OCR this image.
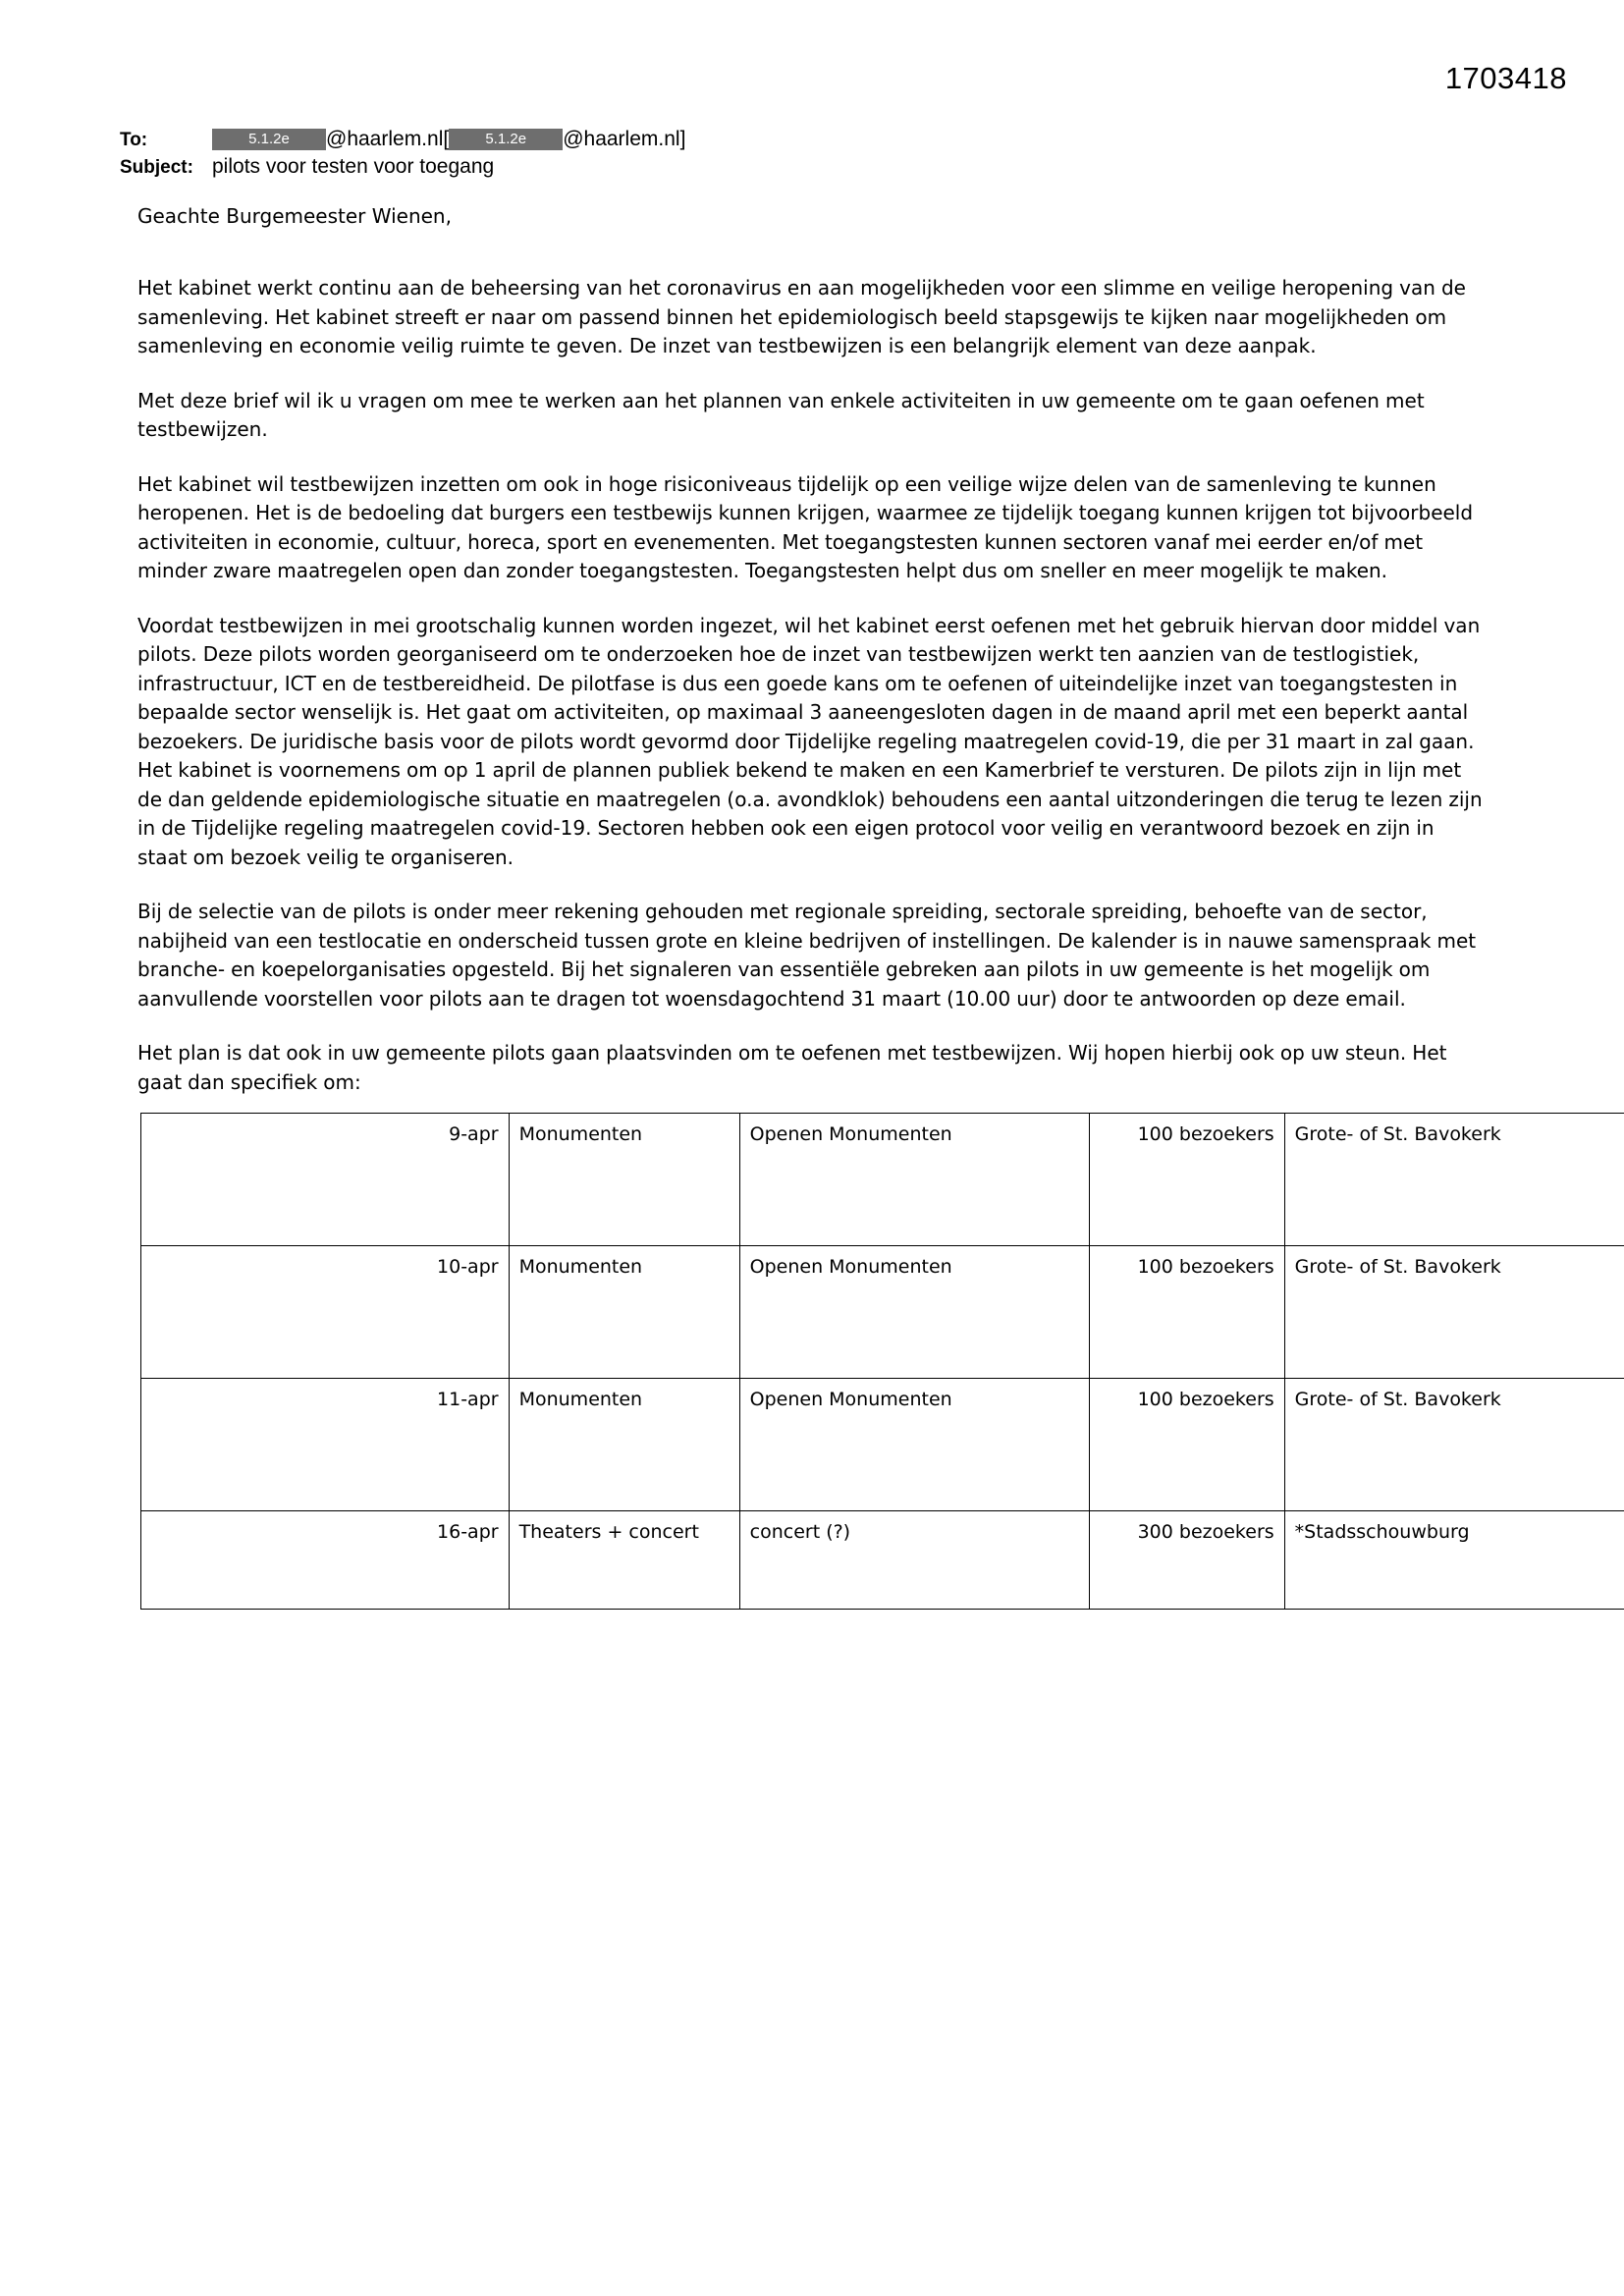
1703418
To:	5.1.2e	@haarlem.nl[	5.1.2e	@haarlem.nl]
Subject: pilots voor testen voor toegang
Geachte Burgemeester Wienen,

Het kabinet werkt continu aan de beheersing van het coronavirus en aan mogelijkheden voor een slimme en veilige heropening van de samenleving. Het kabinet streeft er naar om passend binnen het epidemiologisch beeld stapsgewijs te kijken naar mogelijkheden om samenleving en economie veilig ruimte te geven. De inzet van testbewijzen is een belangrijk element van deze aanpak.

Met deze brief wil ik u vragen om mee te werken aan het plannen van enkele activiteiten in uw gemeente om te gaan oefenen met testbewijzen.

Het kabinet wil testbewijzen inzetten om ook in hoge risiconiveaus tijdelijk op een veilige wijze delen van de samenleving te kunnen heropenen. Het is de bedoeling dat burgers een testbewijs kunnen krijgen, waarmee ze tijdelijk toegang kunnen krijgen tot bijvoorbeeld activiteiten in economie, cultuur, horeca, sport en evenementen. Met toegangstesten kunnen sectoren vanaf mei eerder en/of met minder zware maatregelen open dan zonder toegangstesten. Toegangstesten helpt dus om sneller en meer mogelijk te maken.

Voordat testbewijzen in mei grootschalig kunnen worden ingezet, wil het kabinet eerst oefenen met het gebruik hiervan door middel van pilots. Deze pilots worden georganiseerd om te onderzoeken hoe de inzet van testbewijzen werkt ten aanzien van de testlogistiek, infrastructuur, ICT en de testbereidheid. De pilotfase is dus een goede kans om te oefenen of uiteindelijke inzet van toegangstesten in bepaalde sector wenselijk is. Het gaat om activiteiten, op maximaal 3 aaneengesloten dagen in de maand april met een beperkt aantal bezoekers. De juridische basis voor de pilots wordt gevormd door Tijdelijke regeling maatregelen covid-19, die per 31 maart in zal gaan. Het kabinet is voornemens om op 1 april de plannen publiek bekend te maken en een Kamerbrief te versturen. De pilots zijn in lijn met de dan geldende epidemiologische situatie en maatregelen (o.a. avondklok) behoudens een aantal uitzonderingen die terug te lezen zijn in de Tijdelijke regeling maatregelen covid-19. Sectoren hebben ook een eigen protocol voor veilig en verantwoord bezoek en zijn in staat om bezoek veilig te organiseren.

Bij de selectie van de pilots is onder meer rekening gehouden met regionale spreiding, sectorale spreiding, behoefte van de sector, nabijheid van een testlocatie en onderscheid tussen grote en kleine bedrijven of instellingen. De kalender is in nauwe samenspraak met branche- en koepelorganisaties opgesteld. Bij het signaleren van essentiële gebreken aan pilots in uw gemeente is het mogelijk om aanvullende voorstellen voor pilots aan te dragen tot woensdagochtend 31 maart (10.00 uur) door te antwoorden op deze email.

Het plan is dat ook in uw gemeente pilots gaan plaatsvinden om te oefenen met testbewijzen. Wij hopen hierbij ook op uw steun. Het gaat dan specifiek om:

9-apr	Monumenten	Openen Monumenten	100 bezoekers	Grote- of St. Bavokerk
10-apr	Monumenten	Openen Monumenten	100 bezoekers	Grote- of St. Bavokerk
11-apr	Monumenten	Openen Monumenten	100 bezoekers	Grote- of St. Bavokerk
16-apr	Theaters + concert	concert (?)	300 bezoekers	*Stadsschouwburg
